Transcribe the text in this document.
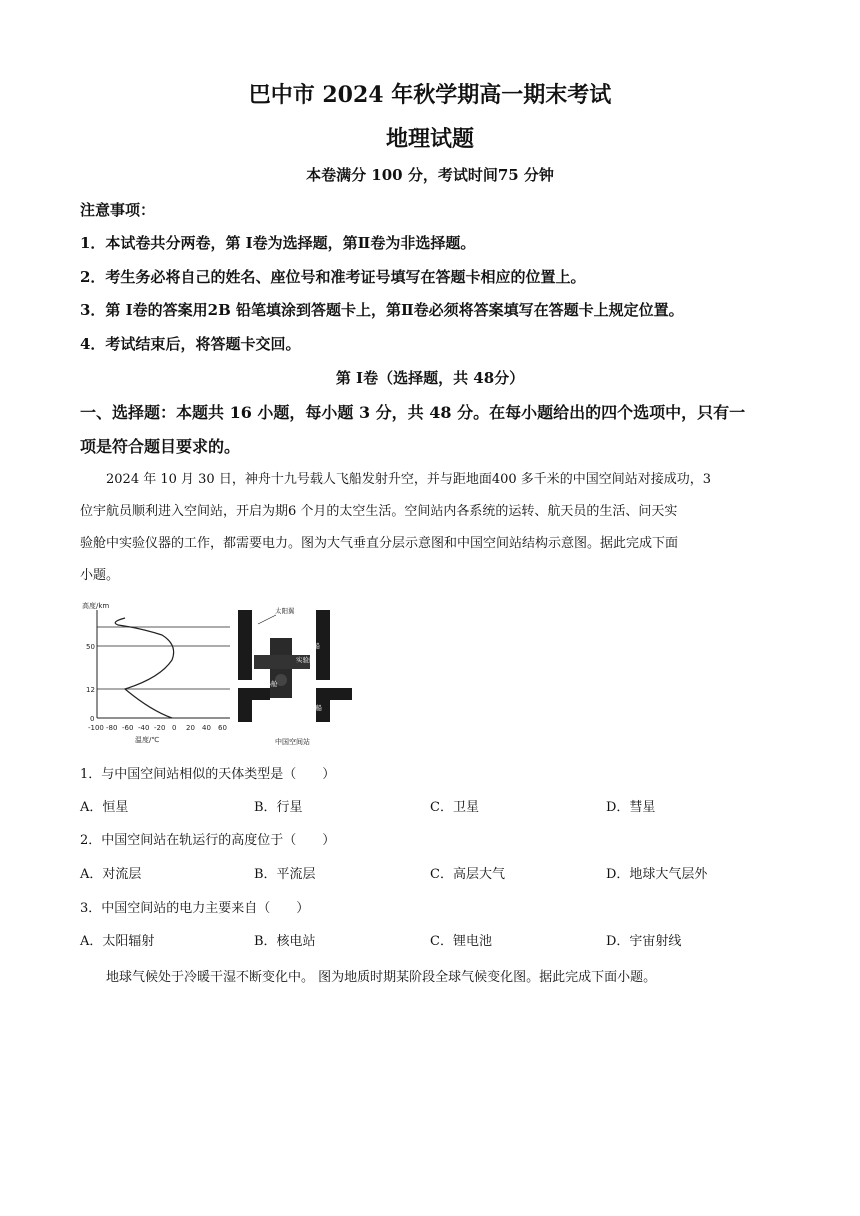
巴中市 2024 年秋学期高一期末考试
地理试题
本卷满分 100 分，考试时间75 分钟
注意事项：
1．本试卷共分两卷，第 Ⅰ卷为选择题，第Ⅱ卷为非选择题。
2．考生务必将自己的姓名、座位号和准考证号填写在答题卡相应的位置上。
3．第 Ⅰ卷的答案用2B 铅笔填涂到答题卡上，第Ⅱ卷必须将答案填写在答题卡上规定位置。
4．考试结束后，将答题卡交回。
第 Ⅰ卷（选择题，共 48分）
一、选择题：本题共 16 小题，每小题 3 分，共 48 分。在每小题给出的四个选项中，只有一
项是符合题目要求的。
2024 年 10 月 30 日，神舟十九号载人飞船发射升空，并与距地面400 多千米的中国空间站对接成功，3
位宇航员顺利进入空间站，开启为期6 个月的太空生活。空间站内各系统的运转、航天员的生活、问天实
验舱中实验仪器的工作，都需要电力。图为大气垂直分层示意图和中国空间站结构示意图。据此完成下面
小题。
高度/km
50
12
0
-100 -80 -60 -40 -20 0 20 40 60
温度/℃
太阳翼
货运飞船
实验舱
核心舱
载人飞船
中国空间站
1．与中国空间站相似的天体类型是（　　）
A．恒星	B．行星	C．卫星	D．彗星
2．中国空间站在轨运行的高度位于（　　）
A．对流层	B．平流层	C．高层大气	D．地球大气层外
3．中国空间站的电力主要来自（　　）
A．太阳辐射	B．核电站	C．锂电池	D．宇宙射线
地球气候处于冷暖干湿不断变化中。 图为地质时期某阶段全球气候变化图。据此完成下面小题。
